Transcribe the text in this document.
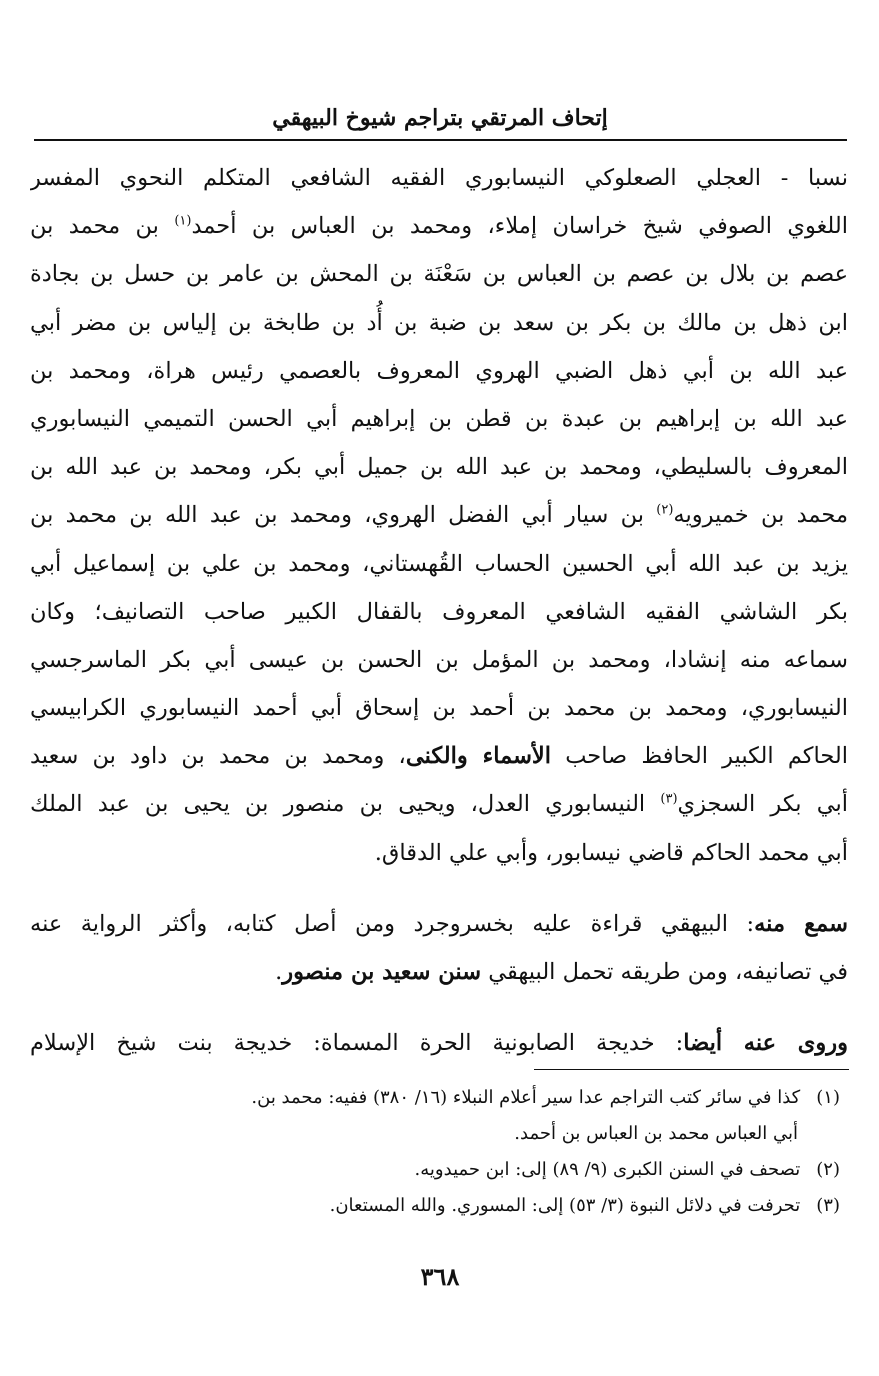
إتحاف المرتقي بتراجم شيوخ البيهقي
نسبا - العجلي الصعلوكي النيسابوري الفقيه الشافعي المتكلم النحوي المفسر
اللغوي الصوفي شيخ خراسان إملاء، ومحمد بن العباس بن أحمد$^{(١)}$ بن محمد بن
عصم بن بلال بن عصم بن العباس بن سَعْنَة بن المحش بن عامر بن حسل بن بجادة
ابن ذهل بن مالك بن بكر بن سعد بن ضبة بن أُد بن طابخة بن إلياس بن مضر أبي
عبد الله بن أبي ذهل الضبي الهروي المعروف بالعصمي رئيس هراة، ومحمد بن
عبد الله بن إبراهيم بن عبدة بن قطن بن إبراهيم أبي الحسن التميمي النيسابوري
المعروف بالسليطي، ومحمد بن عبد الله بن جميل أبي بكر، ومحمد بن عبد الله بن
محمد بن خميرويه$^{(٢)}$ بن سيار أبي الفضل الهروي، ومحمد بن عبد الله بن محمد بن
يزيد بن عبد الله أبي الحسين الحساب القُهستاني، ومحمد بن علي بن إسماعيل أبي
بكر الشاشي الفقيه الشافعي المعروف بالقفال الكبير صاحب التصانيف؛ وكان
سماعه منه إنشادا، ومحمد بن المؤمل بن الحسن بن عيسى أبي بكر الماسرجسي
النيسابوري، ومحمد بن محمد بن أحمد بن إسحاق أبي أحمد النيسابوري الكرابيسي
الحاكم الكبير الحافظ صاحب الأسماء والكنى، ومحمد بن محمد بن داود بن سعيد
أبي بكر السجزي$^{(٣)}$ النيسابوري العدل، ويحيى بن منصور بن يحيى بن عبد الملك
أبي محمد الحاكم قاضي نيسابور، وأبي علي الدقاق.
سمع منه: البيهقي قراءة عليه بخسروجرد ومن أصل كتابه، وأكثر الرواية عنه
في تصانيفه، ومن طريقه تحمل البيهقي سنن سعيد بن منصور.
وروى عنه أيضا: خديجة الصابونية الحرة المسماة: خديجة بنت شيخ الإسلام
(١) كذا في سائر كتب التراجم عدا سير أعلام النبلاء (١٦/ ٣٨٠) ففيه: محمد بن.
أبي العباس محمد بن العباس بن أحمد.
(٢) تصحف في السنن الكبرى (٩/ ٨٩) إلى: ابن حميدويه.
(٣) تحرفت في دلائل النبوة (٣/ ٥٣) إلى: المسوري. والله المستعان.
٣٦٨
